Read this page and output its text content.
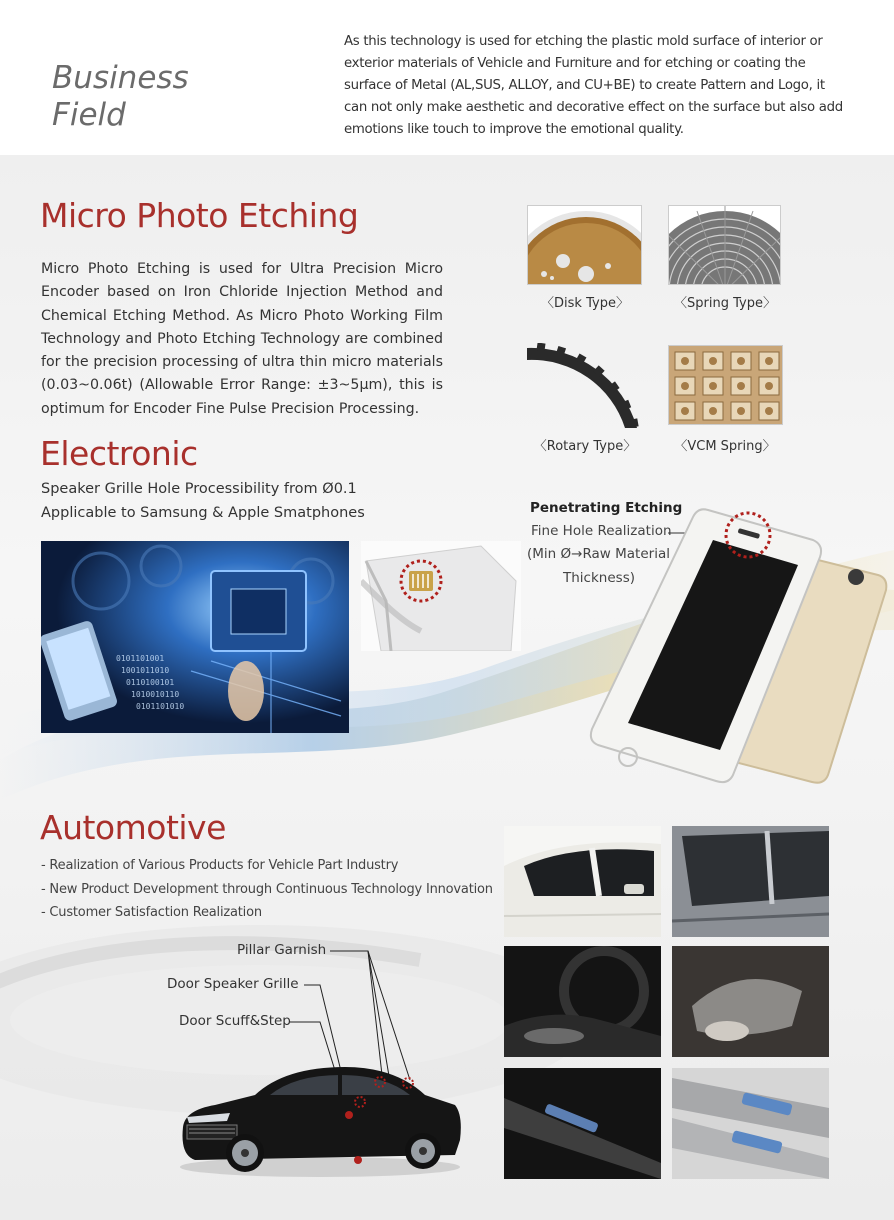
Business
Field
As this technology is used for etching the plastic mold surface of interior or exterior materials of Vehicle and Furniture and for etching or coating the surface of Metal (AL,SUS, ALLOY, and CU+BE) to create Pattern and Logo, it can not only make aesthetic and decorative effect on the surface but also add emotions like touch to improve the emotional quality.
Micro Photo Etching
Micro Photo Etching is used for Ultra Precision Micro Encoder based on Iron Chloride Injection Method and Chemical Etching Method. As Micro Photo Working Film Technology and Photo Etching Technology are combined for the precision processing of ultra thin micro materials (0.03~0.06t) (Allowable Error Range: ±3~5μm), this is optimum for Encoder Fine Pulse Precision Processing.
〈Disk Type〉	〈Spring Type〉
〈Rotary Type〉	〈VCM Spring〉
Electronic
Speaker Grille Hole Processibility from Ø0.1
Applicable to Samsung & Apple Smatphones
0101101001
1001011010
0110100101
1010010110
0101101010
Penetrating Etching
Fine Hole Realization
(Min Ø→Raw Material
Thickness)
Automotive
- Realization of Various Products for Vehicle Part Industry
- New Product Development through Continuous Technology Innovation
- Customer Satisfaction Realization
Pillar Garnish
Door Speaker Grille
Door Scuff&Step
